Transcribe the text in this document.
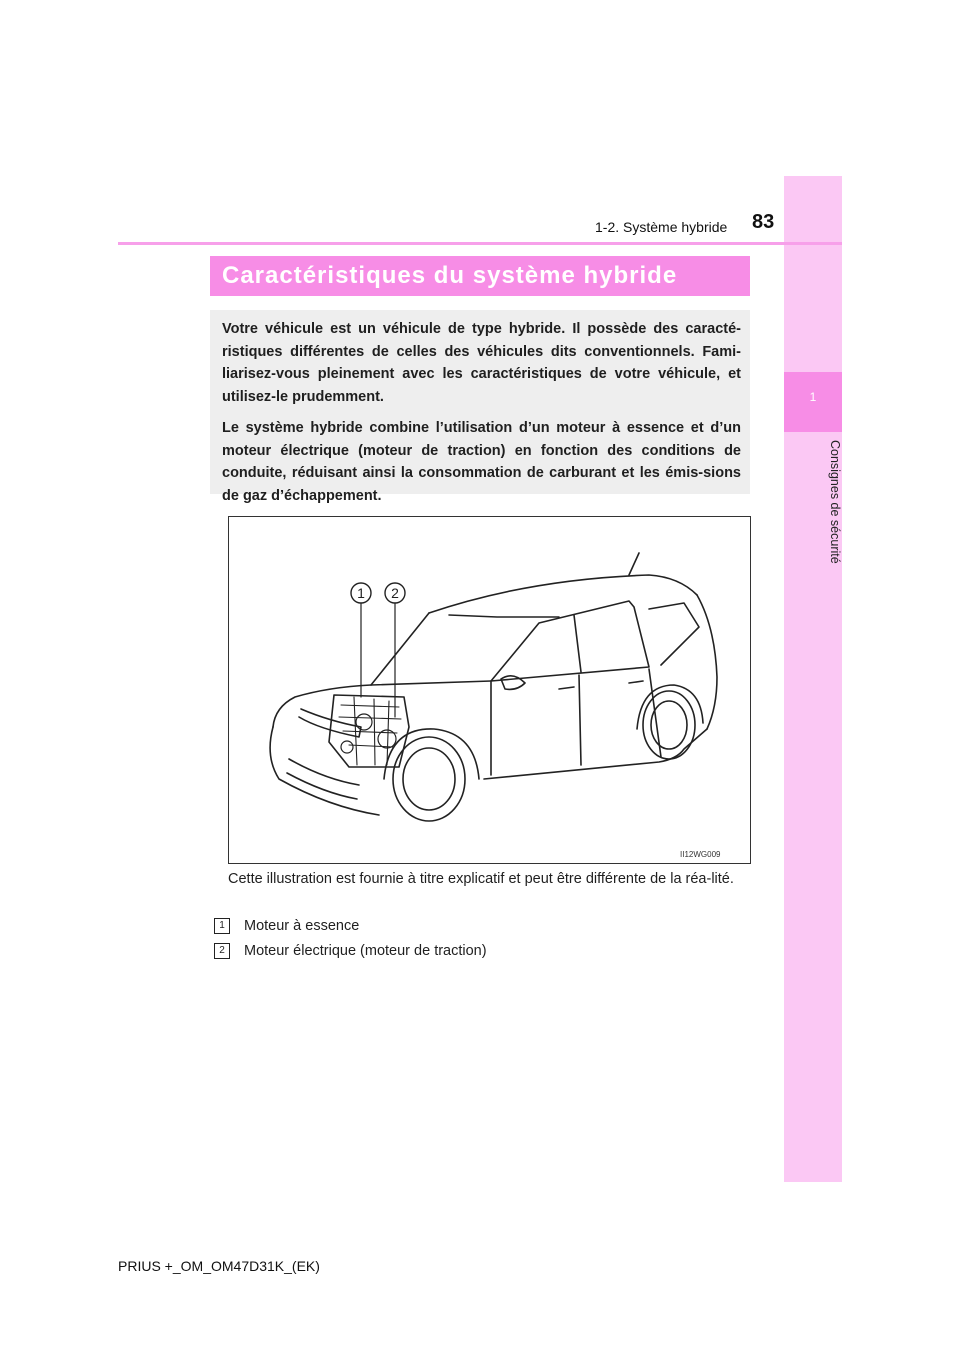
1
Consignes de sécurité
83
1-2. Système hybride
Caractéristiques du système hybride

Votre véhicule est un véhicule de type hybride. Il possède des caracté-ristiques différentes de celles des véhicules dits conventionnels. Fami-liarisez-vous pleinement avec les caractéristiques de votre véhicule, et utilisez-le prudemment.

Le système hybride combine l’utilisation d’un moteur à essence et d’un moteur électrique (moteur de traction) en fonction des conditions de conduite, réduisant ainsi la consommation de carburant et les émis-sions de gaz d’échappement.

1 2
II12WG009
Cette illustration est fournie à titre explicatif et peut être différente de la réa-lité.
1	Moteur à essence
2	Moteur électrique (moteur de traction)
PRIUS +_OM_OM47D31K_(EK)
